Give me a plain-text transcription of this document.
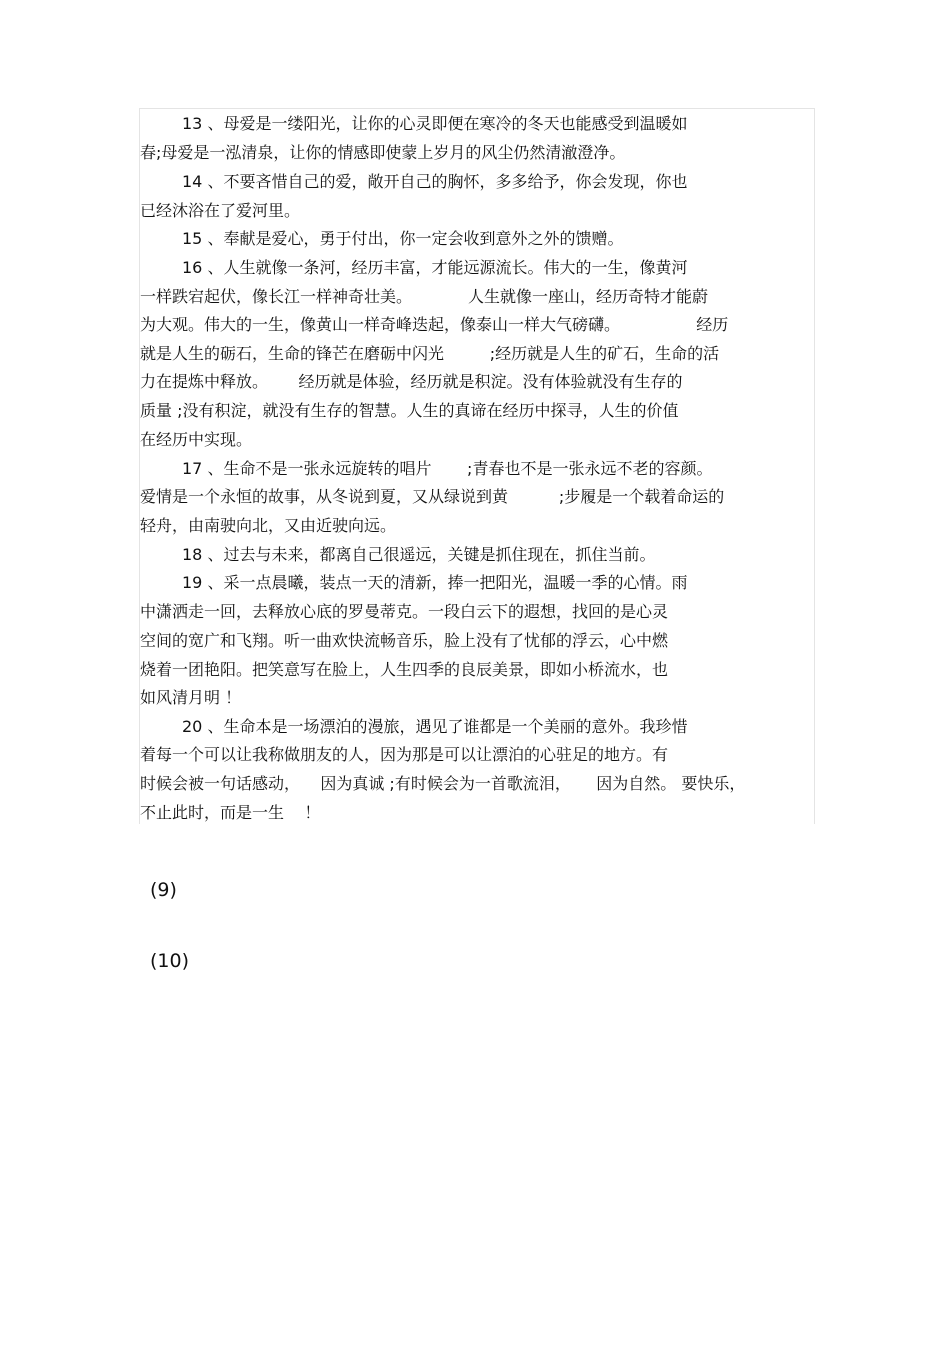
13 、母爱是一缕阳光，让你的心灵即便在寒冷的冬天也能感受到温暖如
春;母爱是一泓清泉，让你的情感即使蒙上岁月的风尘仍然清澈澄净。
14 、不要吝惜自己的爱，敞开自己的胸怀，多多给予，你会发现，你也
已经沐浴在了爱河里。
15 、奉献是爱心，勇于付出，你一定会收到意外之外的馈赠。
16 、人生就像一条河，经历丰富，才能远源流长。伟大的一生，像黄河
一样跌宕起伏，像长江一样神奇壮美。           人生就像一座山，经历奇特才能蔚
为大观。伟大的一生，像黄山一样奇峰迭起，像泰山一样大气磅礴。               经历
就是人生的砺石，生命的锋芒在磨砺中闪光         ;经历就是人生的矿石，生命的活
力在提炼中释放。      经历就是体验，经历就是积淀。没有体验就没有生存的
质量 ;没有积淀，就没有生存的智慧。人生的真谛在经历中探寻，人生的价值
在经历中实现。
17 、生命不是一张永远旋转的唱片       ;青春也不是一张永远不老的容颜。
爱情是一个永恒的故事，从冬说到夏，又从绿说到黄          ;步履是一个载着命运的
轻舟，由南驶向北，又由近驶向远。
18 、过去与未来，都离自己很遥远，关键是抓住现在，抓住当前。
19 、采一点晨曦，装点一天的清新，捧一把阳光，温暖一季的心情。雨
中潇洒走一回，去释放心底的罗曼蒂克。一段白云下的遐想，找回的是心灵
空间的宽广和飞翔。听一曲欢快流畅音乐，脸上没有了忧郁的浮云，心中燃
烧着一团艳阳。把笑意写在脸上，人生四季的良辰美景，即如小桥流水，也
如风清月明 ！
20 、生命本是一场漂泊的漫旅，遇见了谁都是一个美丽的意外。我珍惜
着每一个可以让我称做朋友的人，因为那是可以让漂泊的心驻足的地方。有
时候会被一句话感动，    因为真诚 ;有时候会为一首歌流泪，     因为自然。 要快乐，
不止此时，而是一生    ！
(9)
(10)
